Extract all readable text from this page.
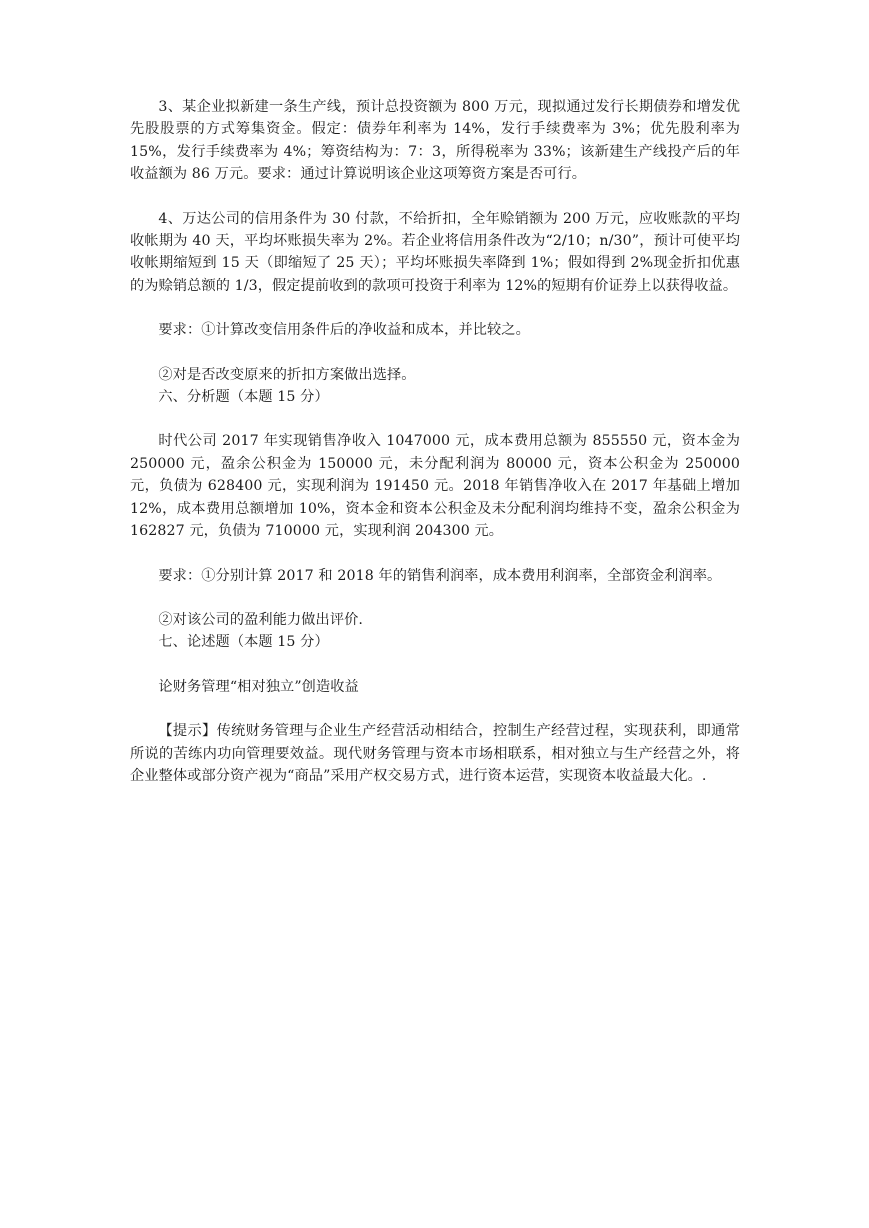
3、某企业拟新建一条生产线，预计总投资额为 800 万元，现拟通过发行长期债券和增发优先股股票的方式筹集资金。假定：债券年利率为 14%，发行手续费率为 3%；优先股利率为 15%，发行手续费率为 4%；筹资结构为：7：3，所得税率为 33%；该新建生产线投产后的年收益额为 86 万元。要求：通过计算说明该企业这项筹资方案是否可行。

4、万达公司的信用条件为 30 付款，不给折扣，全年赊销额为 200 万元，应收账款的平均收帐期为 40 天，平均坏账损失率为 2%。若企业将信用条件改为“2/10；n/30”，预计可使平均收帐期缩短到 15 天（即缩短了 25 天）；平均坏账损失率降到 1%；假如得到 2%现金折扣优惠的为赊销总额的 1/3，假定提前收到的款项可投资于利率为 12%的短期有价证券上以获得收益。

要求：①计算改变信用条件后的净收益和成本，并比较之。

②对是否改变原来的折扣方案做出选择。

六、分析题（本题 15 分）

时代公司 2017 年实现销售净收入 1047000 元，成本费用总额为 855550 元，资本金为 250000 元，盈余公积金为 150000 元，未分配利润为 80000 元，资本公积金为 250000 元，负债为 628400 元，实现利润为 191450 元。2018 年销售净收入在 2017 年基础上增加 12%，成本费用总额增加 10%，资本金和资本公积金及未分配利润均维持不变，盈余公积金为 162827 元，负债为 710000 元，实现利润 204300 元。

要求：①分别计算 2017 和 2018 年的销售利润率，成本费用利润率，全部资金利润率。

②对该公司的盈利能力做出评价.

七、论述题（本题 15 分）

论财务管理“相对独立”创造收益

【提示】传统财务管理与企业生产经营活动相结合，控制生产经营过程，实现获利，即通常所说的苦练内功向管理要效益。现代财务管理与资本市场相联系，相对独立与生产经营之外，将企业整体或部分资产视为“商品”采用产权交易方式，进行资本运营，实现资本收益最大化。.
